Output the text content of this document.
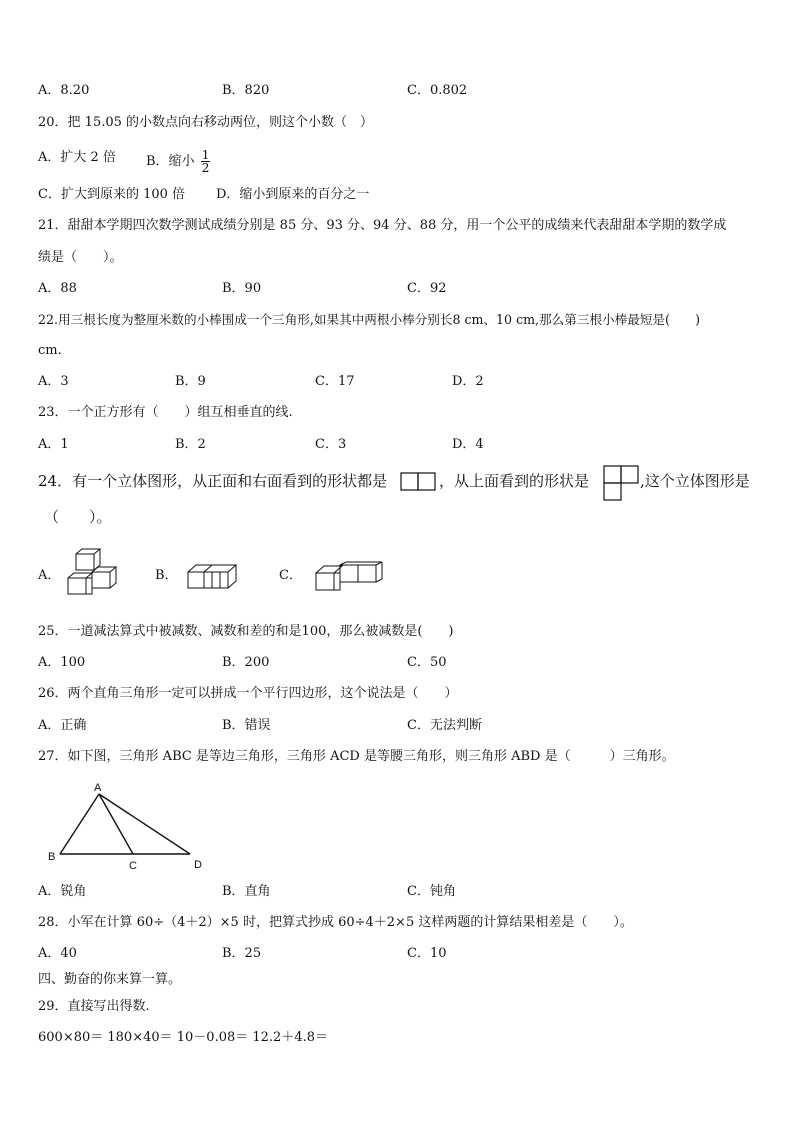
A．8.20	B．820	C．0.802
20．把 15.05 的小数点向右移动两位，则这个小数（　）
A．扩大 2 倍 B．缩小 $\frac{1}{2}$
C．扩大到原来的 100 倍 D．缩小到原来的百分之一
21．甜甜本学期四次数学测试成绩分别是 85 分、93 分、94 分、88 分，用一个公平的成绩来代表甜甜本学期的数学成
绩是（　　）。
A．88	B．90	C．92
22.用三根长度为整厘米数的小棒围成一个三角形,如果其中两根小棒分别长8 cm、10 cm,那么第三根小棒最短是(　　)
cm.
A．3	B．9	C．17	D．2
23．一个正方形有（　　）组互相垂直的线.
A．1	B．2	C．3	D．4
24．有一个立体图形，从正面和右面看到的形状都是	，从上面看到的形状是	,这个立体图形是
（　　）。
A．	B．	C．
25．一道减法算式中被减数、减数和差的和是100，那么被减数是(　　)
A．100	B．200	C．50
26．两个直角三角形一定可以拼成一个平行四边形，这个说法是（　　）
A．正确	B．错误	C．无法判断
27．如下图，三角形 ABC 是等边三角形，三角形 ACD 是等腰三角形，则三角形 ABD 是（　　　）三角形。
A
B
C	D
A．锐角	B．直角	C．钝角
28．小军在计算 60÷（4＋2）×5 时，把算式抄成 60÷4＋2×5 这样两题的计算结果相差是（　　）。
A．40	B．25	C．10
四、勤奋的你来算一算。
29．直接写出得数.
600×80＝ 180×40＝ 10－0.08＝ 12.2＋4.8＝
